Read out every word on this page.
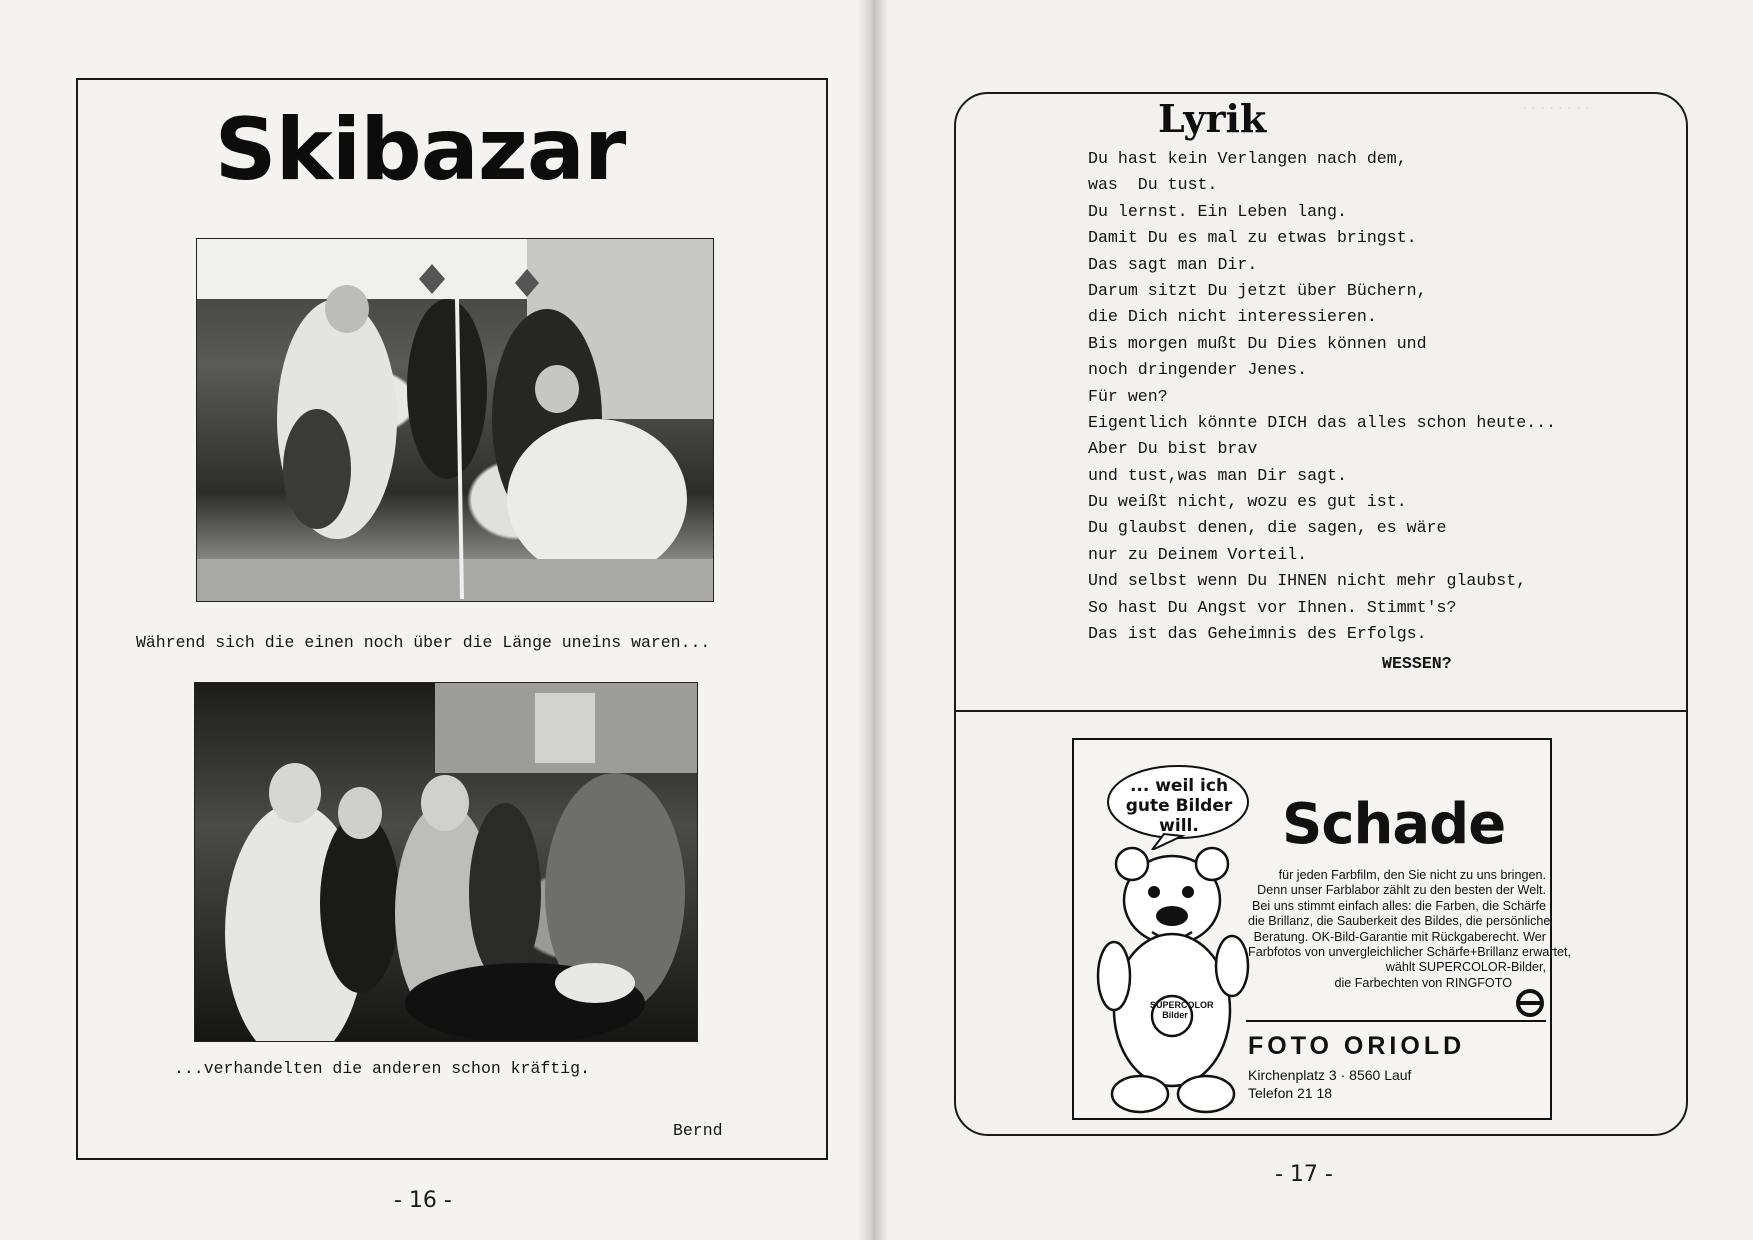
········
Skibazar
Während sich die einen noch über die Länge uneins waren...
...verhandelten die anderen schon kräftig.
Bernd
- 16 -
Lyrik
Du hast kein Verlangen nach dem,
was  Du tust.
Du lernst. Ein Leben lang.
Damit Du es mal zu etwas bringst.
Das sagt man Dir.
Darum sitzt Du jetzt über Büchern,
die Dich nicht interessieren.
Bis morgen mußt Du Dies können und
noch dringender Jenes.
Für wen?
Eigentlich könnte DICH das alles schon heute...
Aber Du bist brav
und tust,was man Dir sagt.
Du weißt nicht, wozu es gut ist.
Du glaubst denen, die sagen, es wäre
nur zu Deinem Vorteil.
Und selbst wenn Du IHNEN nicht mehr glaubst,
So hast Du Angst vor Ihnen. Stimmt's?
Das ist das Geheimnis des Erfolgs.
WESSEN?
... weil ich gute Bilder will.
SUPERCOLOR Bilder
Schade
für jeden Farbfilm, den Sie nicht zu uns bringen.
Denn unser Farblabor zählt zu den besten der Welt.
Bei uns stimmt einfach alles: die Farben, die Schärfe
die Brillanz, die Sauberkeit des Bildes, die persönliche
Beratung. OK-Bild-Garantie mit Rückgaberecht. Wer
Farbfotos von unvergleichlicher Schärfe+Brillanz erwartet,
wählt SUPERCOLOR-Bilder,
die Farbechten von RINGFOTO
FOTO ORIOLD
Kirchenplatz 3 · 8560 Lauf
Telefon 21 18
- 17 -
